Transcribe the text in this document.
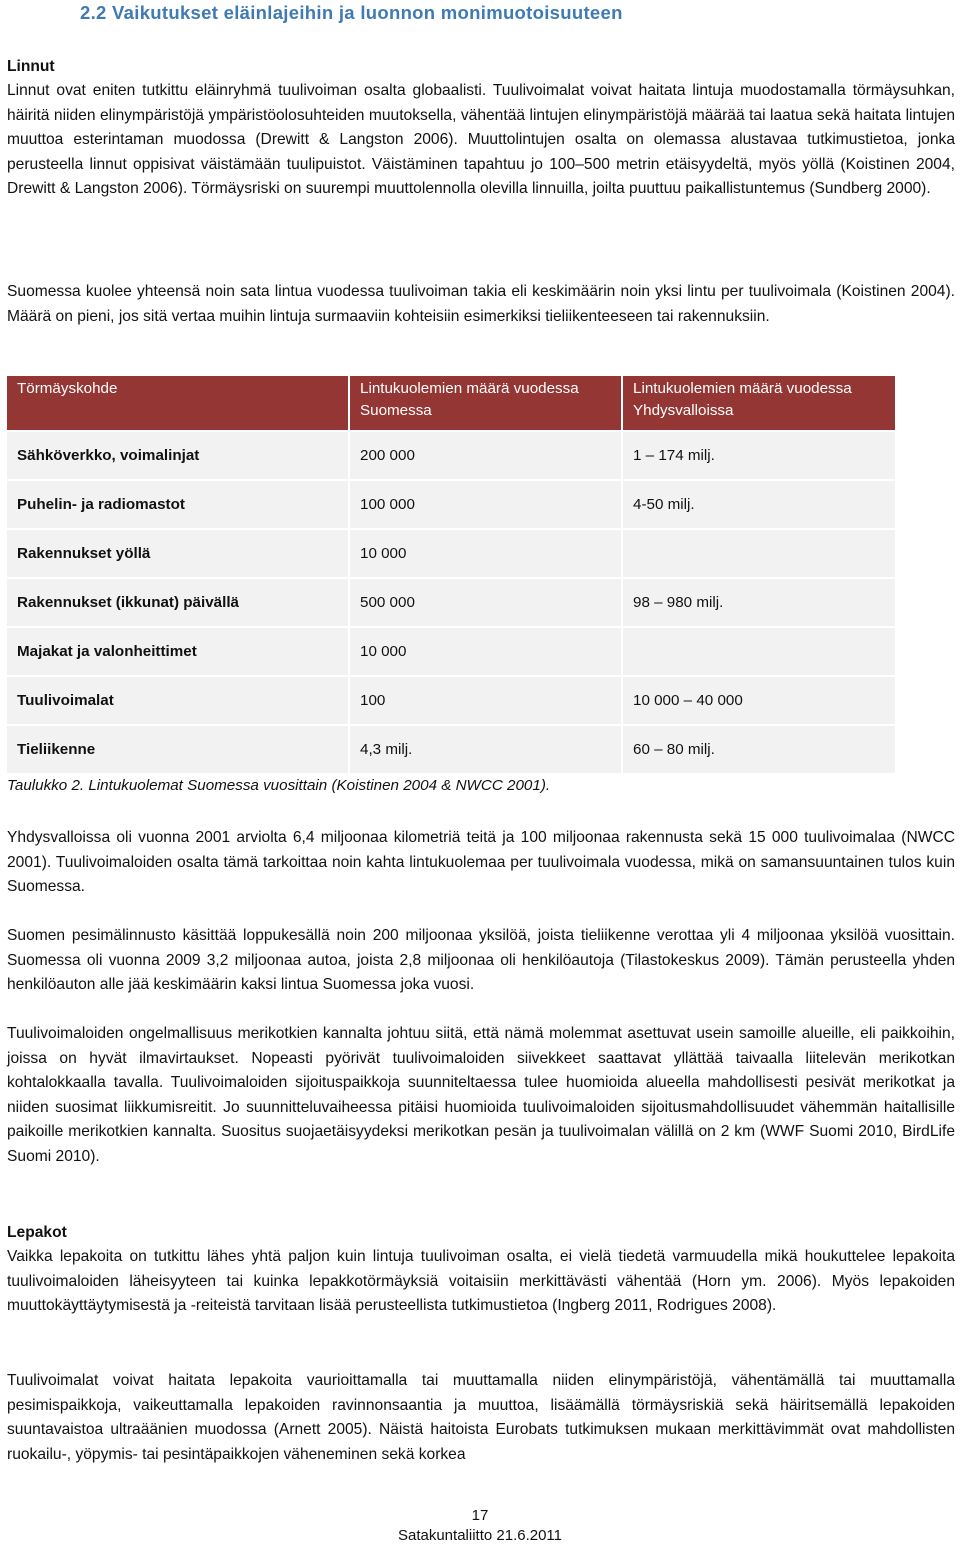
2.2 Vaikutukset eläinlajeihin ja luonnon monimuotoisuuteen
Linnut

Linnut ovat eniten tutkittu eläinryhmä tuulivoiman osalta globaalisti. Tuulivoimalat voivat haitata lintuja muodostamalla törmäysuhkan, häiritä niiden elinympäristöjä ympäristöolosuhteiden muutoksella, vähentää lintujen elinympäristöjä määrää tai laatua sekä haitata lintujen muuttoa esterintaman muodossa (Drewitt & Langston 2006). Muuttolintujen osalta on olemassa alustavaa tutkimustietoa, jonka perusteella linnut oppisivat väistämään tuulipuistot. Väistäminen tapahtuu jo 100–500 metrin etäisyydeltä, myös yöllä (Koistinen 2004, Drewitt & Langston 2006). Törmäysriski on suurempi muuttolennolla olevilla linnuilla, joilta puuttuu paikallistuntemus (Sundberg 2000).

Suomessa kuolee yhteensä noin sata lintua vuodessa tuulivoiman takia eli keskimäärin noin yksi lintu per tuulivoimala (Koistinen 2004). Määrä on pieni, jos sitä vertaa muihin lintuja surmaaviin kohteisiin esimerkiksi tieliikenteeseen tai rakennuksiin.

Törmäyskohde	Lintukuolemien määrä vuodessa Suomessa	Lintukuolemien määrä vuodessa Yhdysvalloissa
Sähköverkko, voimalinjat	200 000	1 – 174 milj.
Puhelin- ja radiomastot	100 000	4-50 milj.
Rakennukset yöllä	10 000	
Rakennukset (ikkunat) päivällä	500 000	98 – 980 milj.
Majakat ja valonheittimet	10 000	
Tuulivoimalat	100	10 000 – 40 000
Tieliikenne	4,3 milj.	60 – 80 milj.

Taulukko 2. Lintukuolemat Suomessa vuosittain (Koistinen 2004 & NWCC 2001).

Yhdysvalloissa oli vuonna 2001 arviolta 6,4 miljoonaa kilometriä teitä ja 100 miljoonaa rakennusta sekä 15 000 tuulivoimalaa (NWCC 2001). Tuulivoimaloiden osalta tämä tarkoittaa noin kahta lintukuolemaa per tuulivoimala vuodessa, mikä on samansuuntainen tulos kuin Suomessa.

Suomen pesimälinnusto käsittää loppukesällä noin 200 miljoonaa yksilöä, joista tieliikenne verottaa yli 4 miljoonaa yksilöä vuosittain. Suomessa oli vuonna 2009 3,2 miljoonaa autoa, joista 2,8 miljoonaa oli henkilöautoja (Tilastokeskus 2009). Tämän perusteella yhden henkilöauton alle jää keskimäärin kaksi lintua Suomessa joka vuosi.

Tuulivoimaloiden ongelmallisuus merikotkien kannalta johtuu siitä, että nämä molemmat asettuvat usein samoille alueille, eli paikkoihin, joissa on hyvät ilmavirtaukset. Nopeasti pyörivät tuulivoimaloiden siivekkeet saattavat yllättää taivaalla liitelevän merikotkan kohtalokkaalla tavalla. Tuulivoimaloiden sijoituspaikkoja suunniteltaessa tulee huomioida alueella mahdollisesti pesivät merikotkat ja niiden suosimat liikkumisreitit. Jo suunnitteluvaiheessa pitäisi huomioida tuulivoimaloiden sijoitusmahdollisuudet vähemmän haitallisille paikoille merikotkien kannalta. Suositus suojaetäisyydeksi merikotkan pesän ja tuulivoimalan välillä on 2 km (WWF Suomi 2010, BirdLife Suomi 2010).

Lepakot

Vaikka lepakoita on tutkittu lähes yhtä paljon kuin lintuja tuulivoiman osalta, ei vielä tiedetä varmuudella mikä houkuttelee lepakoita tuulivoimaloiden läheisyyteen tai kuinka lepakkotörmäyksiä voitaisiin merkittävästi vähentää (Horn ym. 2006). Myös lepakoiden muuttokäyttäytymisestä ja -reiteistä tarvitaan lisää perusteellista tutkimustietoa (Ingberg 2011, Rodrigues 2008).

Tuulivoimalat voivat haitata lepakoita vaurioittamalla tai muuttamalla niiden elinympäristöjä, vähentämällä tai muuttamalla pesimispaikkoja, vaikeuttamalla lepakoiden ravinnonsaantia ja muuttoa, lisäämällä törmäysriskiä sekä häiritsemällä lepakoiden suuntavaistoa ultraäänien muodossa (Arnett 2005). Näistä haitoista Eurobats tutkimuksen mukaan merkittävimmät ovat mahdollisten ruokailu-, yöpymis- tai pesintäpaikkojen väheneminen sekä korkea

17
Satakuntaliitto 21.6.2011
